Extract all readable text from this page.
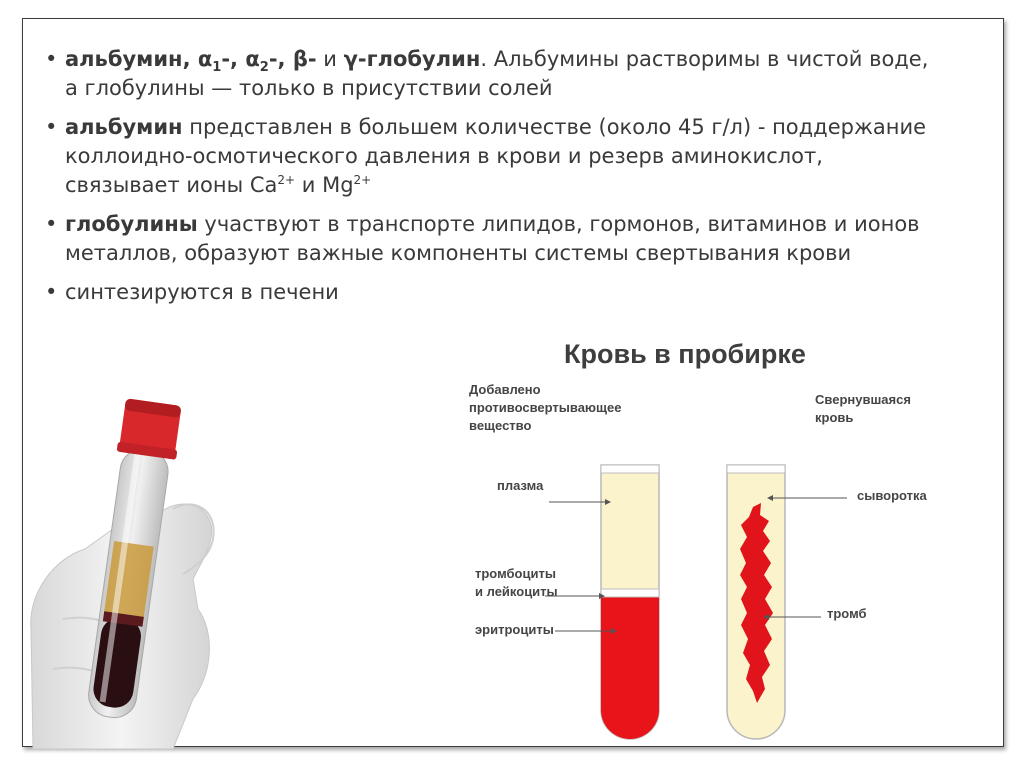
• альбумин, $\alpha_1-$, $\alpha_2-$, β- и γ-глобулин. Альбумины растворимы в чистой воде, а глобулины — только в присутствии солей
• альбумин представлен в большем количестве (около 45 г/л) - поддержание коллоидно-осмотического давления в крови и резерв аминокислот, связывает ионы $Ca^{2+}$ и $Mg^{2+}$
• глобулины участвуют в транспорте липидов, гормонов, витаминов и ионов металлов, образуют важные компоненты системы свертывания крови
• синтезируются в печени
Кровь в пробирке
Добавлено
противосвертывающее
вещество
Свернувшаяся
кровь
плазма
тромбоциты
и лейкоциты
эритроциты
сыворотка
тромб
